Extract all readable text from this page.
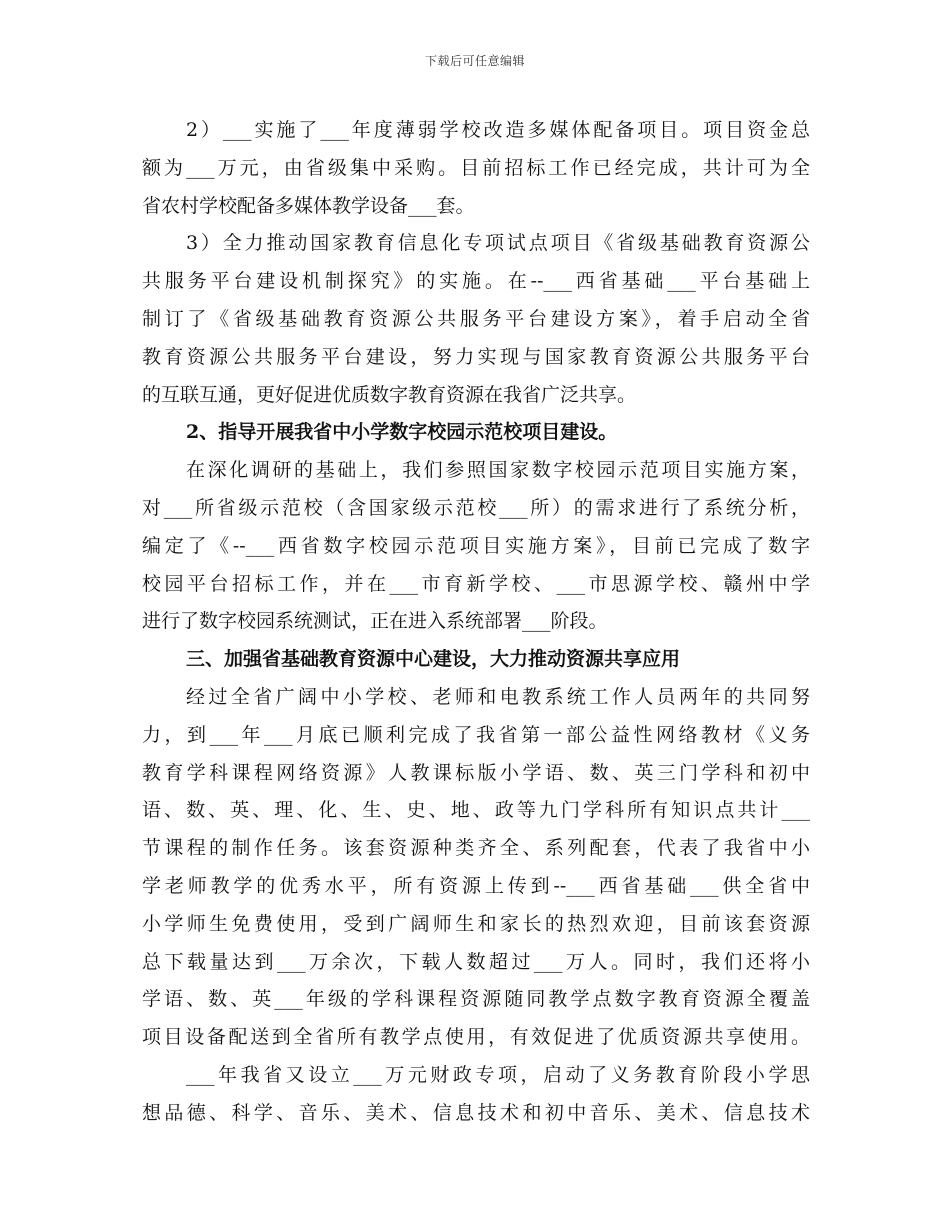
下载后可任意编辑
2）___实施了___年度薄弱学校改造多媒体配备项目。项目资金总
额为___万元，由省级集中采购。目前招标工作已经完成，共计可为全
省农村学校配备多媒体教学设备___套。
3）全力推动国家教育信息化专项试点项目《省级基础教育资源公
共服务平台建设机制探究》的实施。在--___西省基础___平台基础上
制订了《省级基础教育资源公共服务平台建设方案》，着手启动全省
教育资源公共服务平台建设，努力实现与国家教育资源公共服务平台
的互联互通，更好促进优质数字教育资源在我省广泛共享。
2、指导开展我省中小学数字校园示范校项目建设。
在深化调研的基础上，我们参照国家数字校园示范项目实施方案，
对___所省级示范校（含国家级示范校___所）的需求进行了系统分析，
编定了《--___西省数字校园示范项目实施方案》，目前已完成了数字
校园平台招标工作，并在___市育新学校、___市思源学校、赣州中学
进行了数字校园系统测试，正在进入系统部署___阶段。
三、加强省基础教育资源中心建设，大力推动资源共享应用
经过全省广阔中小学校、老师和电教系统工作人员两年的共同努
力，到___年___月底已顺利完成了我省第一部公益性网络教材《义务
教育学科课程网络资源》人教课标版小学语、数、英三门学科和初中
语、数、英、理、化、生、史、地、政等九门学科所有知识点共计___
节课程的制作任务。该套资源种类齐全、系列配套，代表了我省中小
学老师教学的优秀水平，所有资源上传到--___西省基础___供全省中
小学师生免费使用，受到广阔师生和家长的热烈欢迎，目前该套资源
总下载量达到___万余次，下载人数超过___万人。同时，我们还将小
学语、数、英___年级的学科课程资源随同教学点数字教育资源全覆盖
项目设备配送到全省所有教学点使用，有效促进了优质资源共享使用。
___年我省又设立___万元财政专项，启动了义务教育阶段小学思
想品德、科学、音乐、美术、信息技术和初中音乐、美术、信息技术
